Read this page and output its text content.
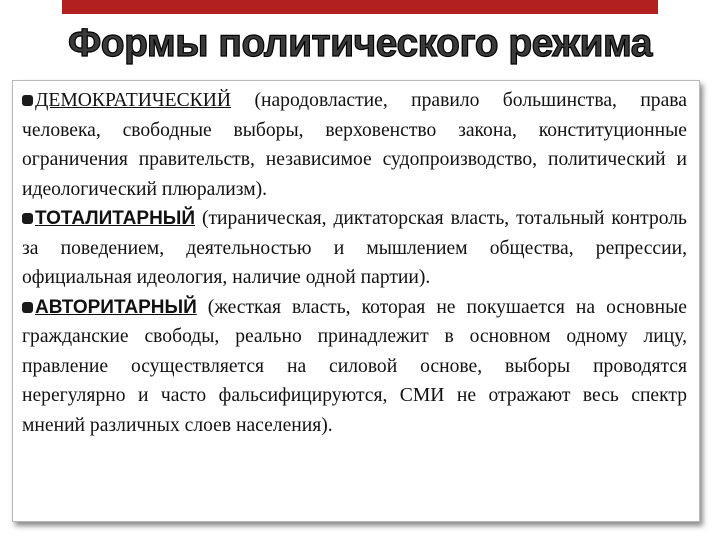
Формы политического режима
ДЕМОКРАТИЧЕСКИЙ (народовластие, правило большинства, права человека, свободные выборы, верховенство закона, конституционные ограничения правительств, независимое судопроизводство, политический и идеологический плюрализм).
ТОТАЛИТАРНЫЙ (тираническая, диктаторская власть, тотальный контроль за поведением, деятельностью и мышлением общества, репрессии, официальная идеология, наличие одной партии).
АВТОРИТАРНЫЙ (жесткая власть, которая не покушается на основные гражданские свободы, реально принадлежит в основном одному лицу, правление осуществляется на силовой основе, выборы проводятся нерегулярно и часто фальсифицируются, СМИ не отражают весь спектр мнений различных слоев населения).
